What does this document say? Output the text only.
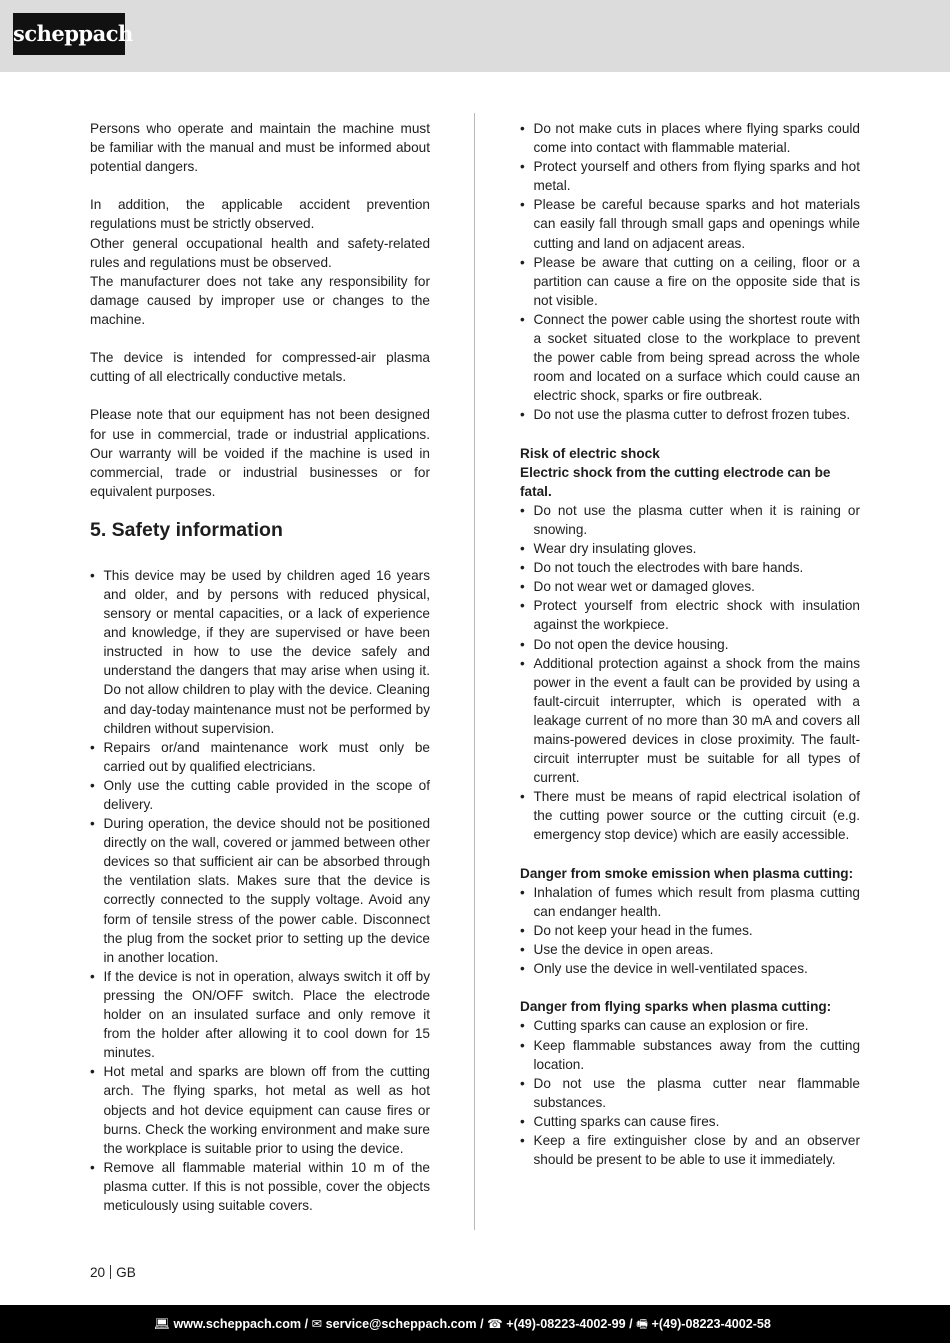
scheppach

Persons who operate and maintain the machine must be familiar with the manual and must be informed about potential dangers.

In addition, the applicable accident prevention regulations must be strictly observed.

Other general occupational health and safety-related rules and regulations must be observed.

The manufacturer does not take any responsibility for damage caused by improper use or changes to the machine.

The device is intended for compressed-air plasma cutting of all electrically conductive metals.

Please note that our equipment has not been designed for use in commercial, trade or industrial applications. Our warranty will be voided if the machine is used in commercial, trade or industrial businesses or for equivalent purposes.

5. Safety information
• This device may be used by children aged 16 years and older, and by persons with reduced physical, sensory or mental capacities, or a lack of experience and knowledge, if they are supervised or have been instructed in how to use the device safely and understand the dangers that may arise when using it. Do not allow children to play with the device. Cleaning and day-today maintenance must not be performed by children without supervision.
• Repairs or/and maintenance work must only be carried out by qualified electricians.
• Only use the cutting cable provided in the scope of delivery.
• During operation, the device should not be positioned directly on the wall, covered or jammed between other devices so that sufficient air can be absorbed through the ventilation slats. Makes sure that the device is correctly connected to the supply voltage. Avoid any form of tensile stress of the power cable. Disconnect the plug from the socket prior to setting up the device in another location.
• If the device is not in operation, always switch it off by pressing the ON/OFF switch. Place the electrode holder on an insulated surface and only remove it from the holder after allowing it to cool down for 15 minutes.
• Hot metal and sparks are blown off from the cutting arch. The flying sparks, hot metal as well as hot objects and hot device equipment can cause fires or burns. Check the working environment and make sure the workplace is suitable prior to using the device.
• Remove all flammable material within 10 m of the plasma cutter. If this is not possible, cover the objects meticulously using suitable covers.
• Do not make cuts in places where flying sparks could come into contact with flammable material.
• Protect yourself and others from flying sparks and hot metal.
• Please be careful because sparks and hot materials can easily fall through small gaps and openings while cutting and land on adjacent areas.
• Please be aware that cutting on a ceiling, floor or a partition can cause a fire on the opposite side that is not visible.
• Connect the power cable using the shortest route with a socket situated close to the workplace to prevent the power cable from being spread across the whole room and located on a surface which could cause an electric shock, sparks or fire outbreak.
• Do not use the plasma cutter to defrost frozen tubes.

Risk of electric shock

Electric shock from the cutting electrode can be fatal.

• Do not use the plasma cutter when it is raining or snowing.
• Wear dry insulating gloves.
• Do not touch the electrodes with bare hands.
• Do not wear wet or damaged gloves.
• Protect yourself from electric shock with insulation against the workpiece.
• Do not open the device housing.
• Additional protection against a shock from the mains power in the event a fault can be provided by using a fault-circuit interrupter, which is operated with a leakage current of no more than 30 mA and covers all mains-powered devices in close proximity. The fault-circuit interrupter must be suitable for all types of current.
• There must be means of rapid electrical isolation of the cutting power source or the cutting circuit (e.g. emergency stop device) which are easily accessible.

Danger from smoke emission when plasma cutting:

• Inhalation of fumes which result from plasma cutting can endanger health.
• Do not keep your head in the fumes.
• Use the device in open areas.
• Only use the device in well-ventilated spaces.

Danger from flying sparks when plasma cutting:

• Cutting sparks can cause an explosion or fire.
• Keep flammable substances away from the cutting location.
• Do not use the plasma cutter near flammable substances.
• Cutting sparks can cause fires.
• Keep a fire extinguisher close by and an observer should be present to be able to use it immediately.
20 GB
💻︎ www.scheppach.com / ✉︎ service@scheppach.com / ☎ +(49)-08223-4002-99 / 🖷︎ +(49)-08223-4002-58
